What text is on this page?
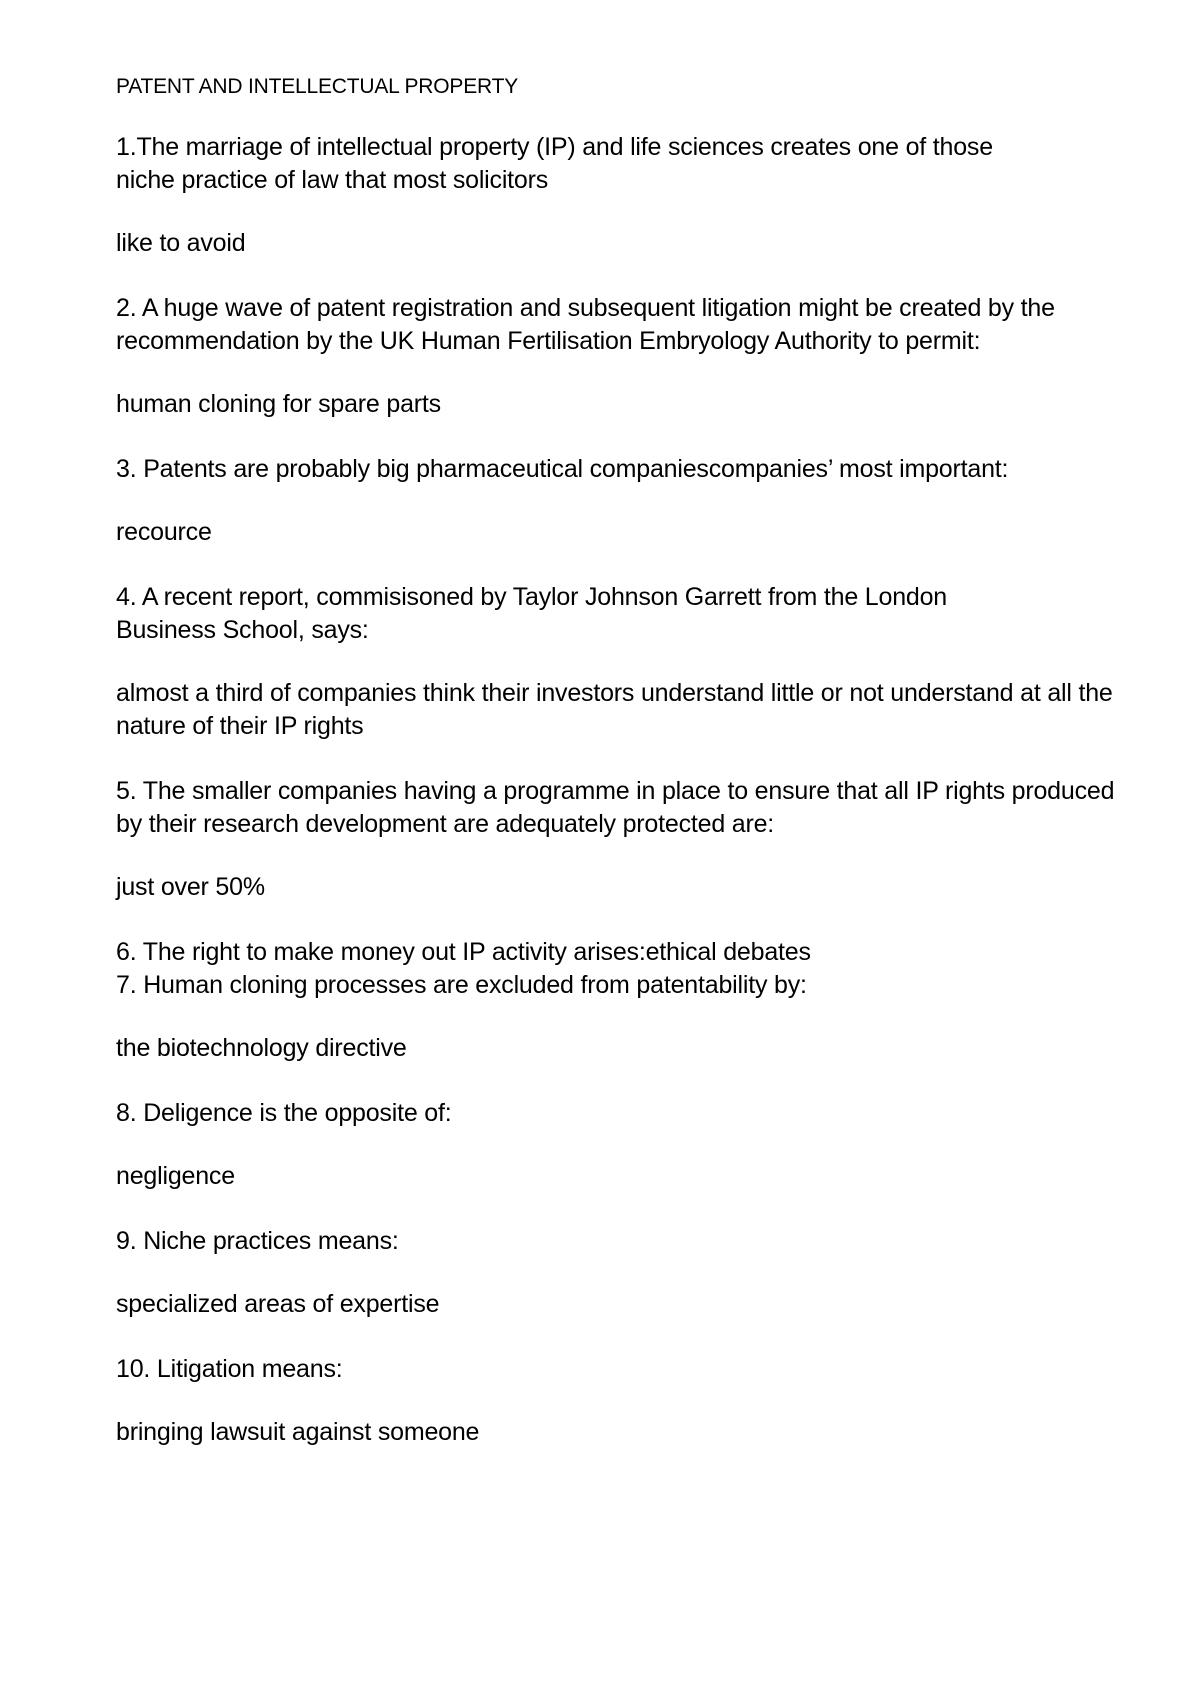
PATENT AND INTELLECTUAL PROPERTY

1.The marriage of intellectual property (IP) and life sciences creates one of those niche practice of law that most solicitors

like to avoid

2. A huge wave of patent registration and subsequent litigation might be created by the recommendation by the UK Human Fertilisation Embryology Authority to permit:

human cloning for spare parts

3. Patents are probably big pharmaceutical companiescompanies’ most important:

recource

4. A recent report, commisisoned by Taylor Johnson Garrett from the London Business School, says:

almost a third of companies think their investors understand little or not understand at all the nature of their IP rights

5. The smaller companies having a programme in place to ensure that all IP rights produced by their research development are adequately protected are:

just over 50%

6. The right to make money out IP activity arises:ethical debates

7. Human cloning processes are excluded from patentability by:

the biotechnology directive

8. Deligence is the opposite of:

negligence

9. Niche practices means:

specialized areas of expertise

10. Litigation means:

bringing lawsuit against someone
